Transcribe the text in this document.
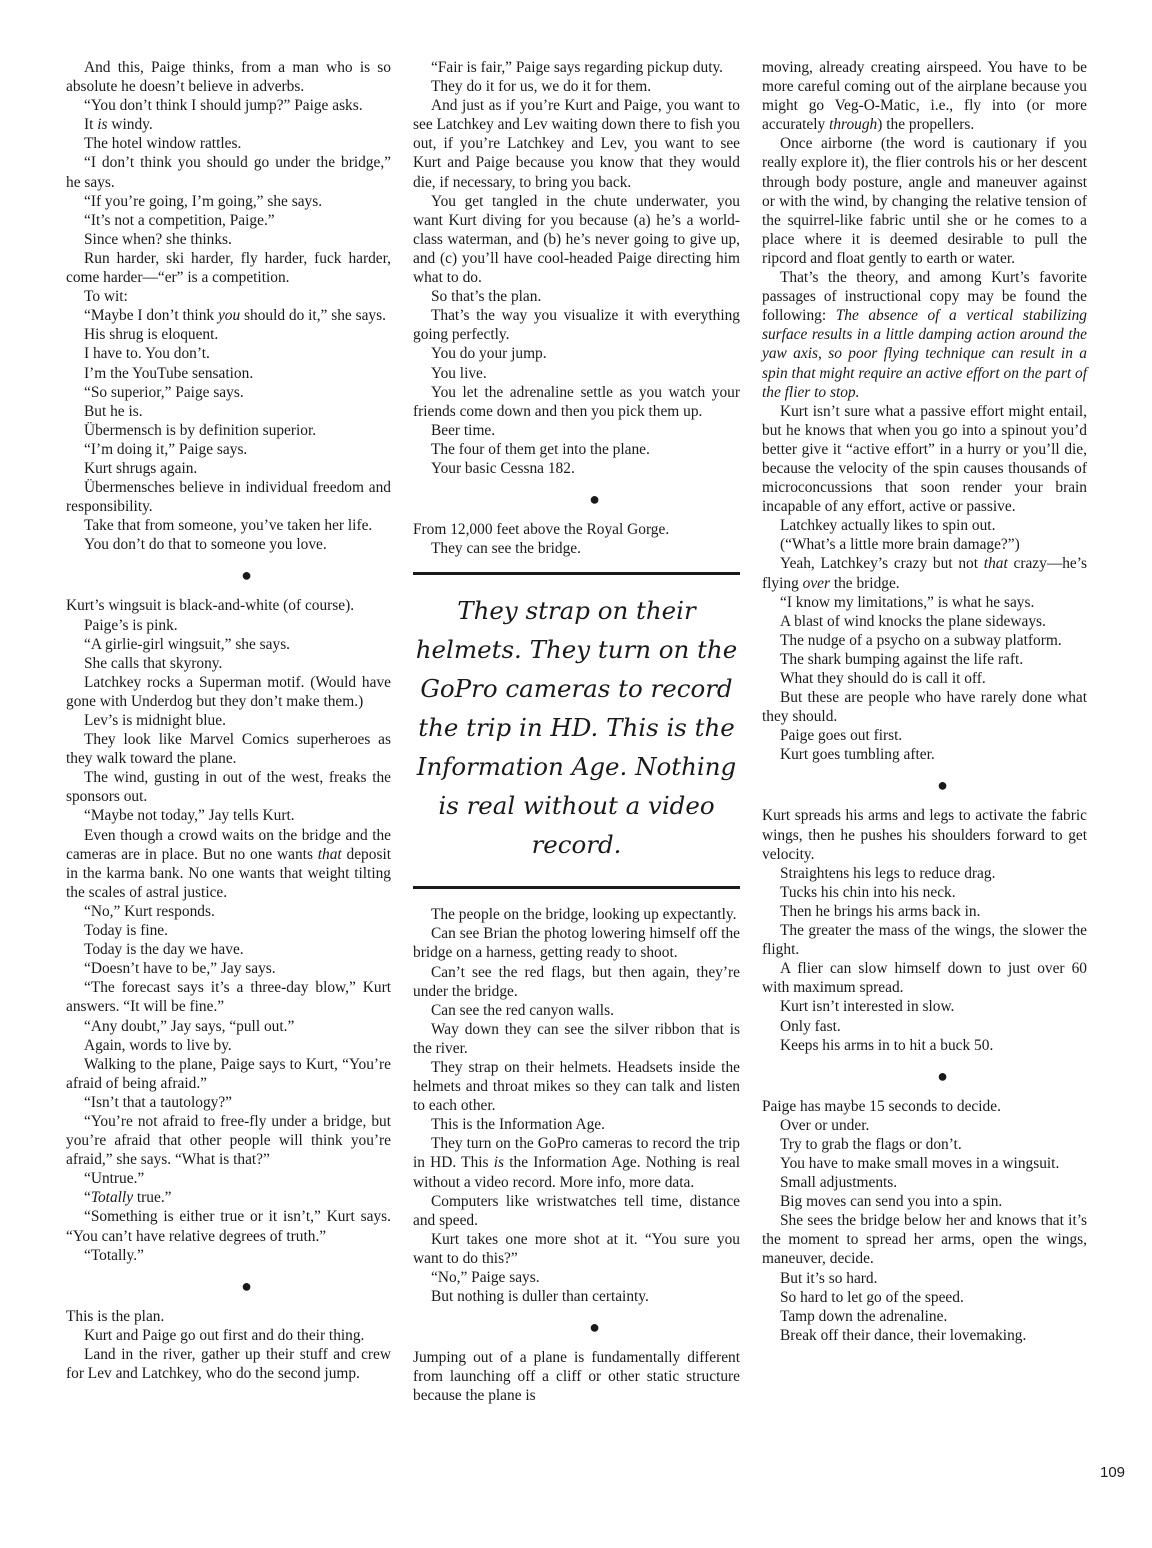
And this, Paige thinks, from a man who is so absolute he doesn’t believe in adverbs.

“You don’t think I should jump?” Paige asks.

It is windy.

The hotel window rattles.

“I don’t think you should go under the bridge,” he says.

“If you’re going, I’m going,” she says.

“It’s not a competition, Paige.”

Since when? she thinks.

Run harder, ski harder, fly harder, fuck harder, come harder—“er” is a competition.

To wit:

“Maybe I don’t think you should do it,” she says.

His shrug is eloquent.

I have to. You don’t.

I’m the YouTube sensation.

“So superior,” Paige says.

But he is.

Übermensch is by definition superior.

“I’m doing it,” Paige says.

Kurt shrugs again.

Übermensches believe in individual freedom and responsibility.

Take that from someone, you’ve taken her life.

You don’t do that to someone you love.

●

Kurt’s wingsuit is black-and-white (of course).

Paige’s is pink.

“A girlie-girl wingsuit,” she says.

She calls that skyrony.

Latchkey rocks a Superman motif. (Would have gone with Underdog but they don’t make them.)

Lev’s is midnight blue.

They look like Marvel Comics superheroes as they walk toward the plane.

The wind, gusting in out of the west, freaks the sponsors out.

“Maybe not today,” Jay tells Kurt.

Even though a crowd waits on the bridge and the cameras are in place. But no one wants that deposit in the karma bank. No one wants that weight tilting the scales of astral justice.

“No,” Kurt responds.

Today is fine.

Today is the day we have.

“Doesn’t have to be,” Jay says.

“The forecast says it’s a three-day blow,” Kurt answers. “It will be fine.”

“Any doubt,” Jay says, “pull out.”

Again, words to live by.

Walking to the plane, Paige says to Kurt, “You’re afraid of being afraid.”

“Isn’t that a tautology?”

“You’re not afraid to free-fly under a bridge, but you’re afraid that other people will think you’re afraid,” she says. “What is that?”

“Untrue.”

“Totally true.”

“Something is either true or it isn’t,” Kurt says. “You can’t have relative degrees of truth.”

“Totally.”

●

This is the plan.

Kurt and Paige go out first and do their thing.

Land in the river, gather up their stuff and crew for Lev and Latchkey, who do the second jump.

“Fair is fair,” Paige says regarding pickup duty.

They do it for us, we do it for them.

And just as if you’re Kurt and Paige, you want to see Latchkey and Lev waiting down there to fish you out, if you’re Latchkey and Lev, you want to see Kurt and Paige because you know that they would die, if necessary, to bring you back.

You get tangled in the chute underwater, you want Kurt diving for you because (a) he’s a world-class waterman, and (b) he’s never going to give up, and (c) you’ll have cool-headed Paige directing him what to do.

So that’s the plan.

That’s the way you visualize it with everything going perfectly.

You do your jump.

You live.

You let the adrenaline settle as you watch your friends come down and then you pick them up.

Beer time.

The four of them get into the plane.

Your basic Cessna 182.

●

From 12,000 feet above the Royal Gorge.

They can see the bridge.

They strap on their helmets. They turn on the GoPro cameras to record the trip in HD. This is the Information Age. Nothing is real without a video record.

The people on the bridge, looking up expectantly.

Can see Brian the photog lowering himself off the bridge on a harness, getting ready to shoot.

Can’t see the red flags, but then again, they’re under the bridge.

Can see the red canyon walls.

Way down they can see the silver ribbon that is the river.

They strap on their helmets. Headsets inside the helmets and throat mikes so they can talk and listen to each other.

This is the Information Age.

They turn on the GoPro cameras to record the trip in HD. This is the Information Age. Nothing is real without a video record. More info, more data.

Computers like wristwatches tell time, distance and speed.

Kurt takes one more shot at it. “You sure you want to do this?”

“No,” Paige says.

But nothing is duller than certainty.

●

Jumping out of a plane is fundamentally different from launching off a cliff or other static structure because the plane is

moving, already creating airspeed. You have to be more careful coming out of the airplane because you might go Veg-O-Matic, i.e., fly into (or more accurately through) the propellers.

Once airborne (the word is cautionary if you really explore it), the flier controls his or her descent through body posture, angle and maneuver against or with the wind, by changing the relative tension of the squirrel-like fabric until she or he comes to a place where it is deemed desirable to pull the ripcord and float gently to earth or water.

That’s the theory, and among Kurt’s favorite passages of instructional copy may be found the following: The absence of a vertical stabilizing surface results in a little damping action around the yaw axis, so poor flying technique can result in a spin that might require an active effort on the part of the flier to stop.

Kurt isn’t sure what a passive effort might entail, but he knows that when you go into a spinout you’d better give it “active effort” in a hurry or you’ll die, because the velocity of the spin causes thousands of microconcussions that soon render your brain incapable of any effort, active or passive.

Latchkey actually likes to spin out.

(“What’s a little more brain damage?”)

Yeah, Latchkey’s crazy but not that crazy—he’s flying over the bridge.

“I know my limitations,” is what he says.

A blast of wind knocks the plane sideways.

The nudge of a psycho on a subway platform.

The shark bumping against the life raft.

What they should do is call it off.

But these are people who have rarely done what they should.

Paige goes out first.

Kurt goes tumbling after.

●

Kurt spreads his arms and legs to activate the fabric wings, then he pushes his shoulders forward to get velocity.

Straightens his legs to reduce drag.

Tucks his chin into his neck.

Then he brings his arms back in.

The greater the mass of the wings, the slower the flight.

A flier can slow himself down to just over 60 with maximum spread.

Kurt isn’t interested in slow.

Only fast.

Keeps his arms in to hit a buck 50.

●

Paige has maybe 15 seconds to decide.

Over or under.

Try to grab the flags or don’t.

You have to make small moves in a wingsuit.

Small adjustments.

Big moves can send you into a spin.

She sees the bridge below her and knows that it’s the moment to spread her arms, open the wings, maneuver, decide.

But it’s so hard.

So hard to let go of the speed.

Tamp down the adrenaline.

Break off their dance, their lovemaking.

109
